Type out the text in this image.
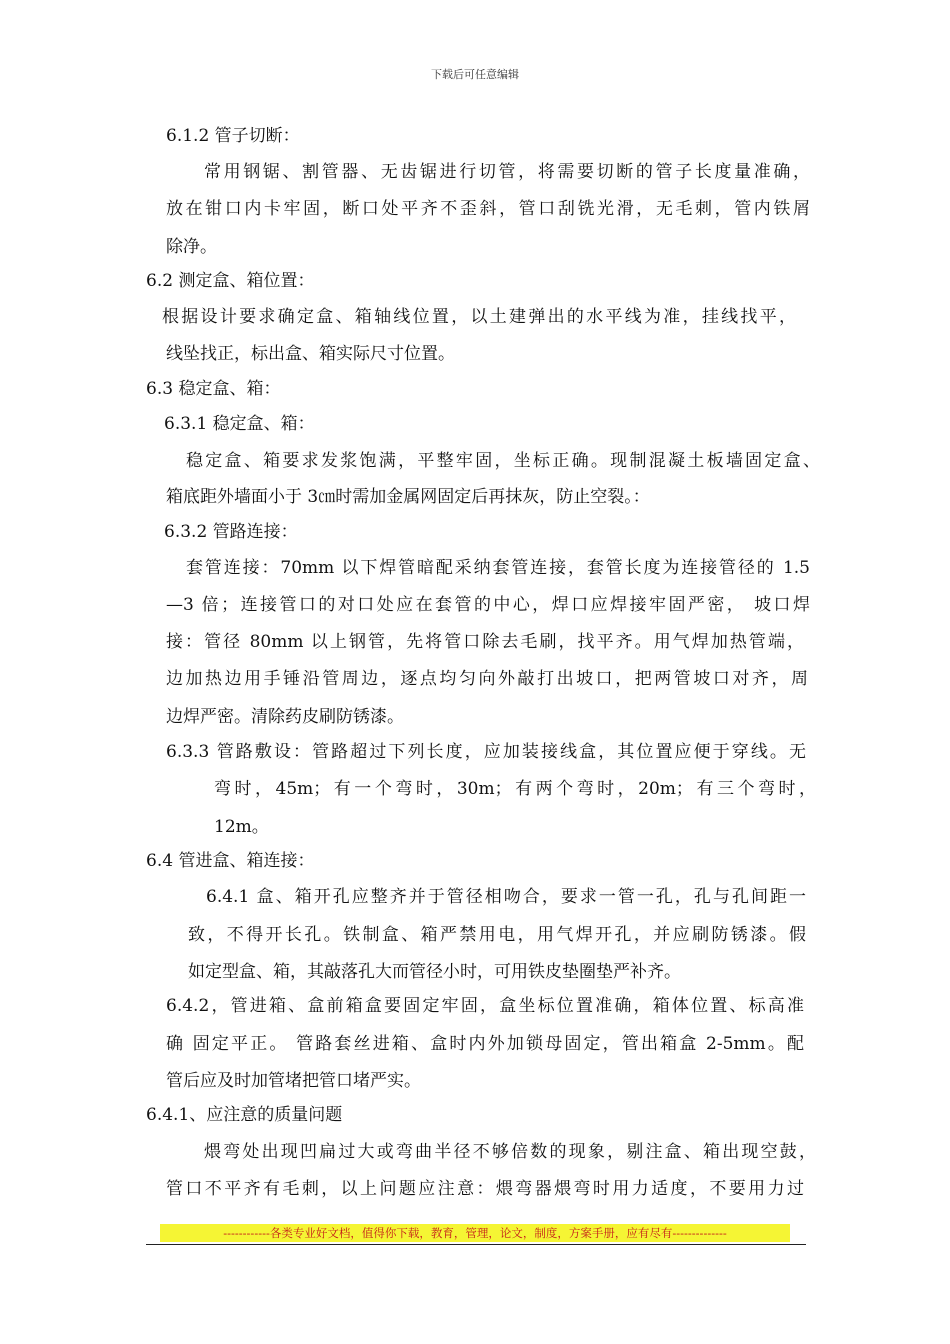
下载后可任意编辑
6.1.2 管子切断：
常用钢锯、割管器、无齿锯进行切管，将需要切断的管子长度量准确，
放在钳口内卡牢固，断口处平齐不歪斜，管口刮铣光滑，无毛刺，管内铁屑
除净。
6.2 测定盒、箱位置：
根据设计要求确定盒、箱轴线位置，以土建弹出的水平线为准，挂线找平，
线坠找正，标出盒、箱实际尺寸位置。
6.3 稳定盒、箱：
6.3.1 稳定盒、箱：
稳定盒、箱要求发浆饱满，平整牢固，坐标正确。现制混凝土板墙固定盒、
箱底距外墙面小于 3㎝时需加金属网固定后再抹灰，防止空裂。：
6.3.2 管路连接：
套管连接：70mm 以下焊管暗配采纳套管连接，套管长度为连接管径的 1.5
—3 倍；连接管口的对口处应在套管的中心，焊口应焊接牢固严密， 坡口焊
接：管径 80mm 以上钢管，先将管口除去毛刷，找平齐。用气焊加热管端，
边加热边用手锤沿管周边，逐点均匀向外敲打出坡口，把两管坡口对齐，周
边焊严密。清除药皮刷防锈漆。
6.3.3 管路敷设：管路超过下列长度，应加装接线盒，其位置应便于穿线。无
弯时，45m；有一个弯时，30m；有两个弯时，20m；有三个弯时，
12m。
6.4 管进盒、箱连接：
6.4.1 盒、箱开孔应整齐并于管径相吻合，要求一管一孔，孔与孔间距一
致，不得开长孔。铁制盒、箱严禁用电，用气焊开孔，并应刷防锈漆。假
如定型盒、箱，其敲落孔大而管径小时，可用铁皮垫圈垫严补齐。
6.4.2，管进箱、盒前箱盒要固定牢固，盒坐标位置准确，箱体位置、标高准
确 固定平正。 管路套丝进箱、盒时内外加锁母固定，管出箱盒 2-5mm。配
管后应及时加管堵把管口堵严实。
6.4.1、应注意的质量问题
煨弯处出现凹扁过大或弯曲半径不够倍数的现象，剔注盒、箱出现空鼓，
管口不平齐有毛刺，以上问题应注意：煨弯器煨弯时用力适度，不要用力过
------------各类专业好文档，值得你下载，教育，管理，论文，制度，方案手册，应有尽有--------------
